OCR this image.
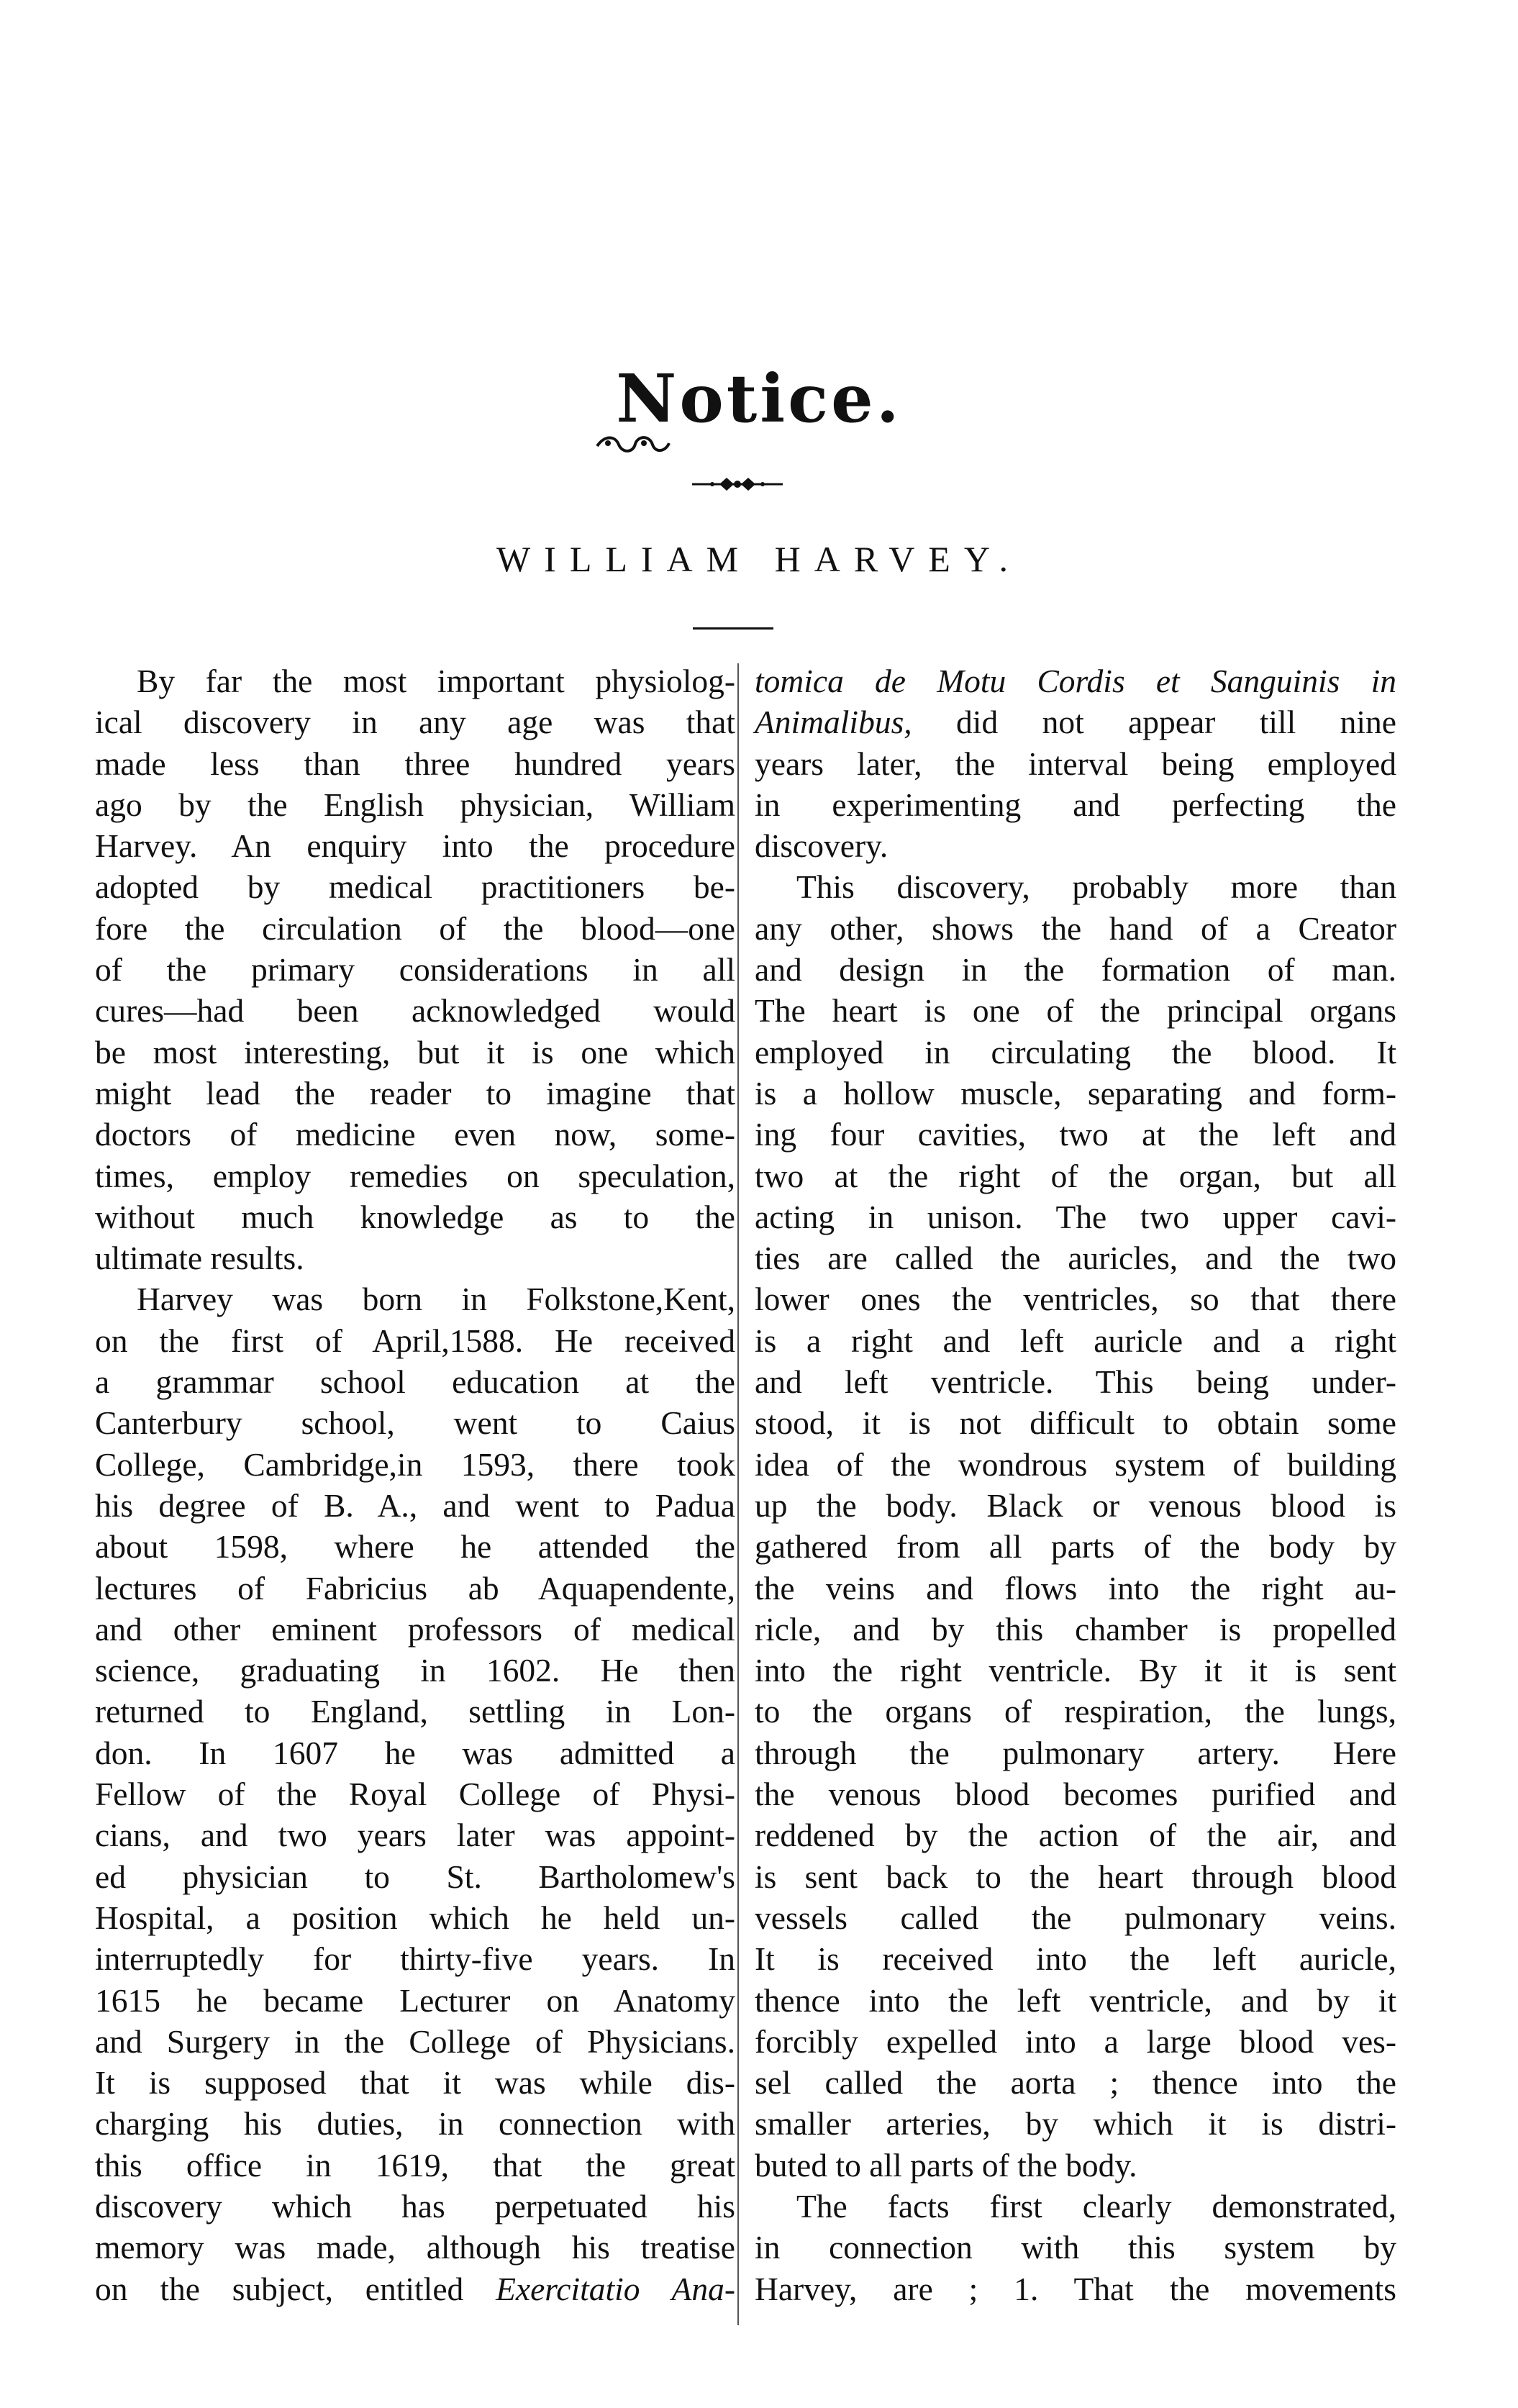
Notice.
WILLIAM HARVEY.

By far the most important physiolog-

ical discovery in any age was that

made less than three hundred years

ago by the English physician, William

Harvey. An enquiry into the procedure

adopted by medical practitioners be-

fore the circulation of the blood—one

of the primary considerations in all

cures—had been acknowledged would

be most interesting, but it is one which

might lead the reader to imagine that

doctors of medicine even now, some-

times, employ remedies on speculation,

without much knowledge as to the

ultimate results.

Harvey was born in Folkstone,Kent,

on the first of April,1588. He received

a grammar school education at the

Canterbury school, went to Caius

College, Cambridge,in 1593, there took

his degree of B. A., and went to Padua

about 1598, where he attended the

lectures of Fabricius ab Aquapendente,

and other eminent professors of medical

science, graduating in 1602. He then

returned to England, settling in Lon-

don. In 1607 he was admitted a

Fellow of the Royal College of Physi-

cians, and two years later was appoint-

ed physician to St. Bartholomew's

Hospital, a position which he held un-

interruptedly for thirty-five years. In

1615 he became Lecturer on Anatomy

and Surgery in the College of Physicians.

It is supposed that it was while dis-

charging his duties, in connection with

this office in 1619, that the great

discovery which has perpetuated his

memory was made, although his treatise

on the subject, entitled Exercitatio Ana-

tomica de Motu Cordis et Sanguinis in

Animalibus, did not appear till nine

years later, the interval being employed

in experimenting and perfecting the

discovery.

This discovery, probably more than

any other, shows the hand of a Creator

and design in the formation of man.

The heart is one of the principal organs

employed in circulating the blood. It

is a hollow muscle, separating and form-

ing four cavities, two at the left and

two at the right of the organ, but all

acting in unison. The two upper cavi-

ties are called the auricles, and the two

lower ones the ventricles, so that there

is a right and left auricle and a right

and left ventricle. This being under-

stood, it is not difficult to obtain some

idea of the wondrous system of building

up the body. Black or venous blood is

gathered from all parts of the body by

the veins and flows into the right au-

ricle, and by this chamber is propelled

into the right ventricle. By it it is sent

to the organs of respiration, the lungs,

through the pulmonary artery. Here

the venous blood becomes purified and

reddened by the action of the air, and

is sent back to the heart through blood

vessels called the pulmonary veins.

It is received into the left auricle,

thence into the left ventricle, and by it

forcibly expelled into a large blood ves-

sel called the aorta ; thence into the

smaller arteries, by which it is distri-

buted to all parts of the body.

The facts first clearly demonstrated,

in connection with this system by

Harvey, are ; 1. That the movements
